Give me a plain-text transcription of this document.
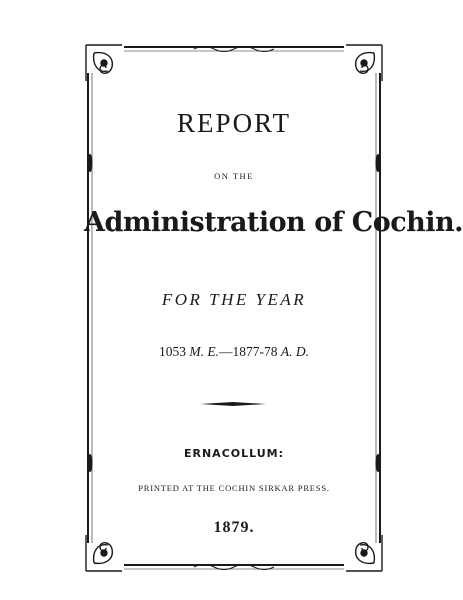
REPORT
ON THE
Administration of Cochin.
FOR THE YEAR
1053 M. E.—1877-78 A. D.
ERNACOLLUM:
PRINTED AT THE COCHIN SIRKAR PRESS.
1879.
